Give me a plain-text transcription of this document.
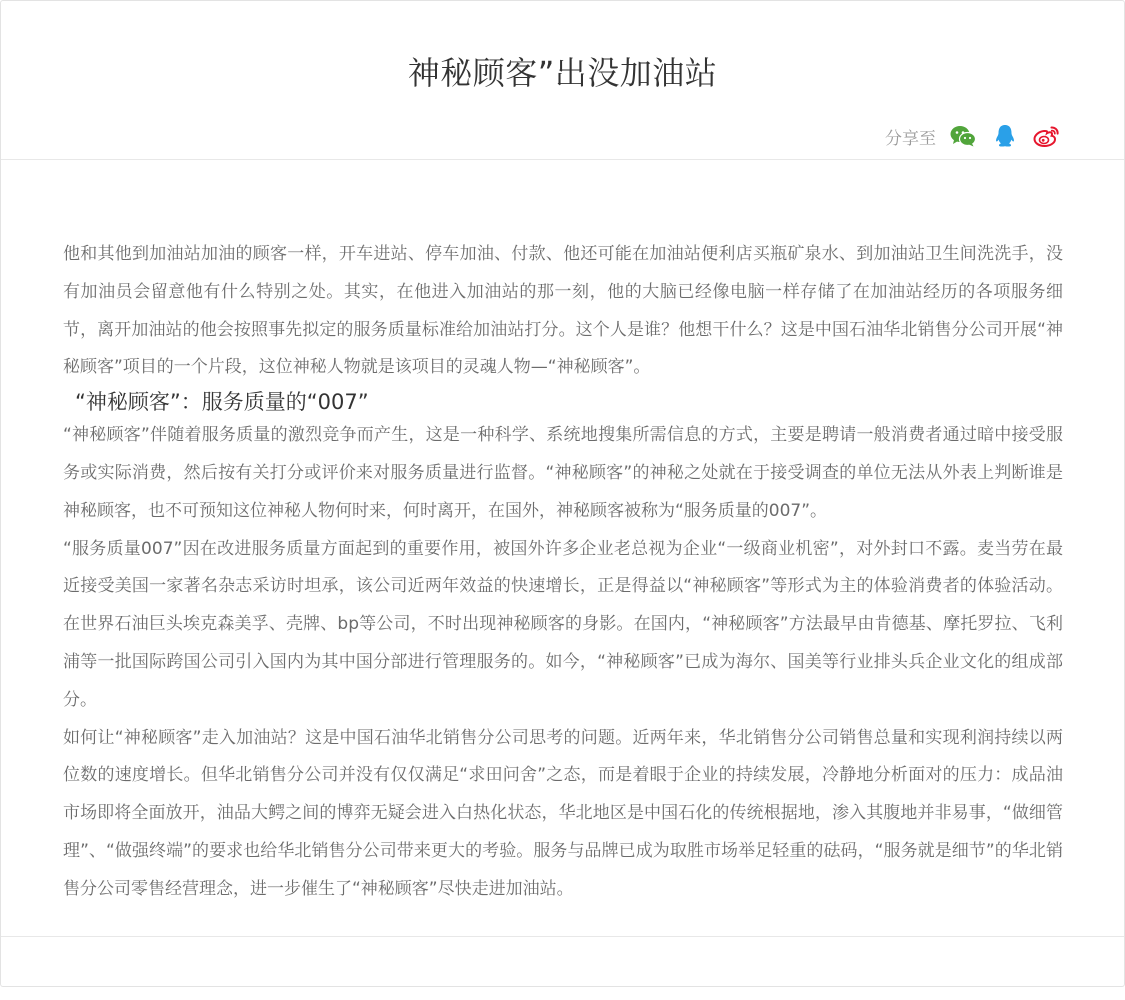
神秘顾客”出没加油站
分享至

他和其他到加油站加油的顾客一样，开车进站、停车加油、付款、他还可能在加油站便利店买瓶矿泉水、到加油站卫生间洗洗手，没有加油员会留意他有什么特别之处。其实，在他进入加油站的那一刻，他的大脑已经像电脑一样存储了在加油站经历的各项服务细节，离开加油站的他会按照事先拟定的服务质量标准给加油站打分。这个人是谁？他想干什么？这是中国石油华北销售分公司开展“神秘顾客”项目的一个片段，这位神秘人物就是该项目的灵魂人物—“神秘顾客”。

“神秘顾客”：服务质量的“007”

“神秘顾客”伴随着服务质量的激烈竞争而产生，这是一种科学、系统地搜集所需信息的方式，主要是聘请一般消费者通过暗中接受服务或实际消费，然后按有关打分或评价来对服务质量进行监督。“神秘顾客”的神秘之处就在于接受调查的单位无法从外表上判断谁是神秘顾客，也不可预知这位神秘人物何时来，何时离开，在国外，神秘顾客被称为“服务质量的007”。

“服务质量007”因在改进服务质量方面起到的重要作用，被国外许多企业老总视为企业“一级商业机密”，对外封口不露。麦当劳在最近接受美国一家著名杂志采访时坦承，该公司近两年效益的快速增长，正是得益以“神秘顾客”等形式为主的体验消费者的体验活动。在世界石油巨头埃克森美孚、壳牌、bp等公司，不时出现神秘顾客的身影。在国内，“神秘顾客”方法最早由肯德基、摩托罗拉、飞利浦等一批国际跨国公司引入国内为其中国分部进行管理服务的。如今，“神秘顾客”已成为海尔、国美等行业排头兵企业文化的组成部分。

如何让“神秘顾客”走入加油站？这是中国石油华北销售分公司思考的问题。近两年来，华北销售分公司销售总量和实现利润持续以两位数的速度增长。但华北销售分公司并没有仅仅满足“求田问舍”之态，而是着眼于企业的持续发展，冷静地分析面对的压力：成品油市场即将全面放开，油品大鳄之间的博弈无疑会进入白热化状态，华北地区是中国石化的传统根据地，渗入其腹地并非易事，“做细管理”、“做强终端”的要求也给华北销售分公司带来更大的考验。服务与品牌已成为取胜市场举足轻重的砝码，“服务就是细节”的华北销售分公司零售经营理念，进一步催生了“神秘顾客”尽快走进加油站。
